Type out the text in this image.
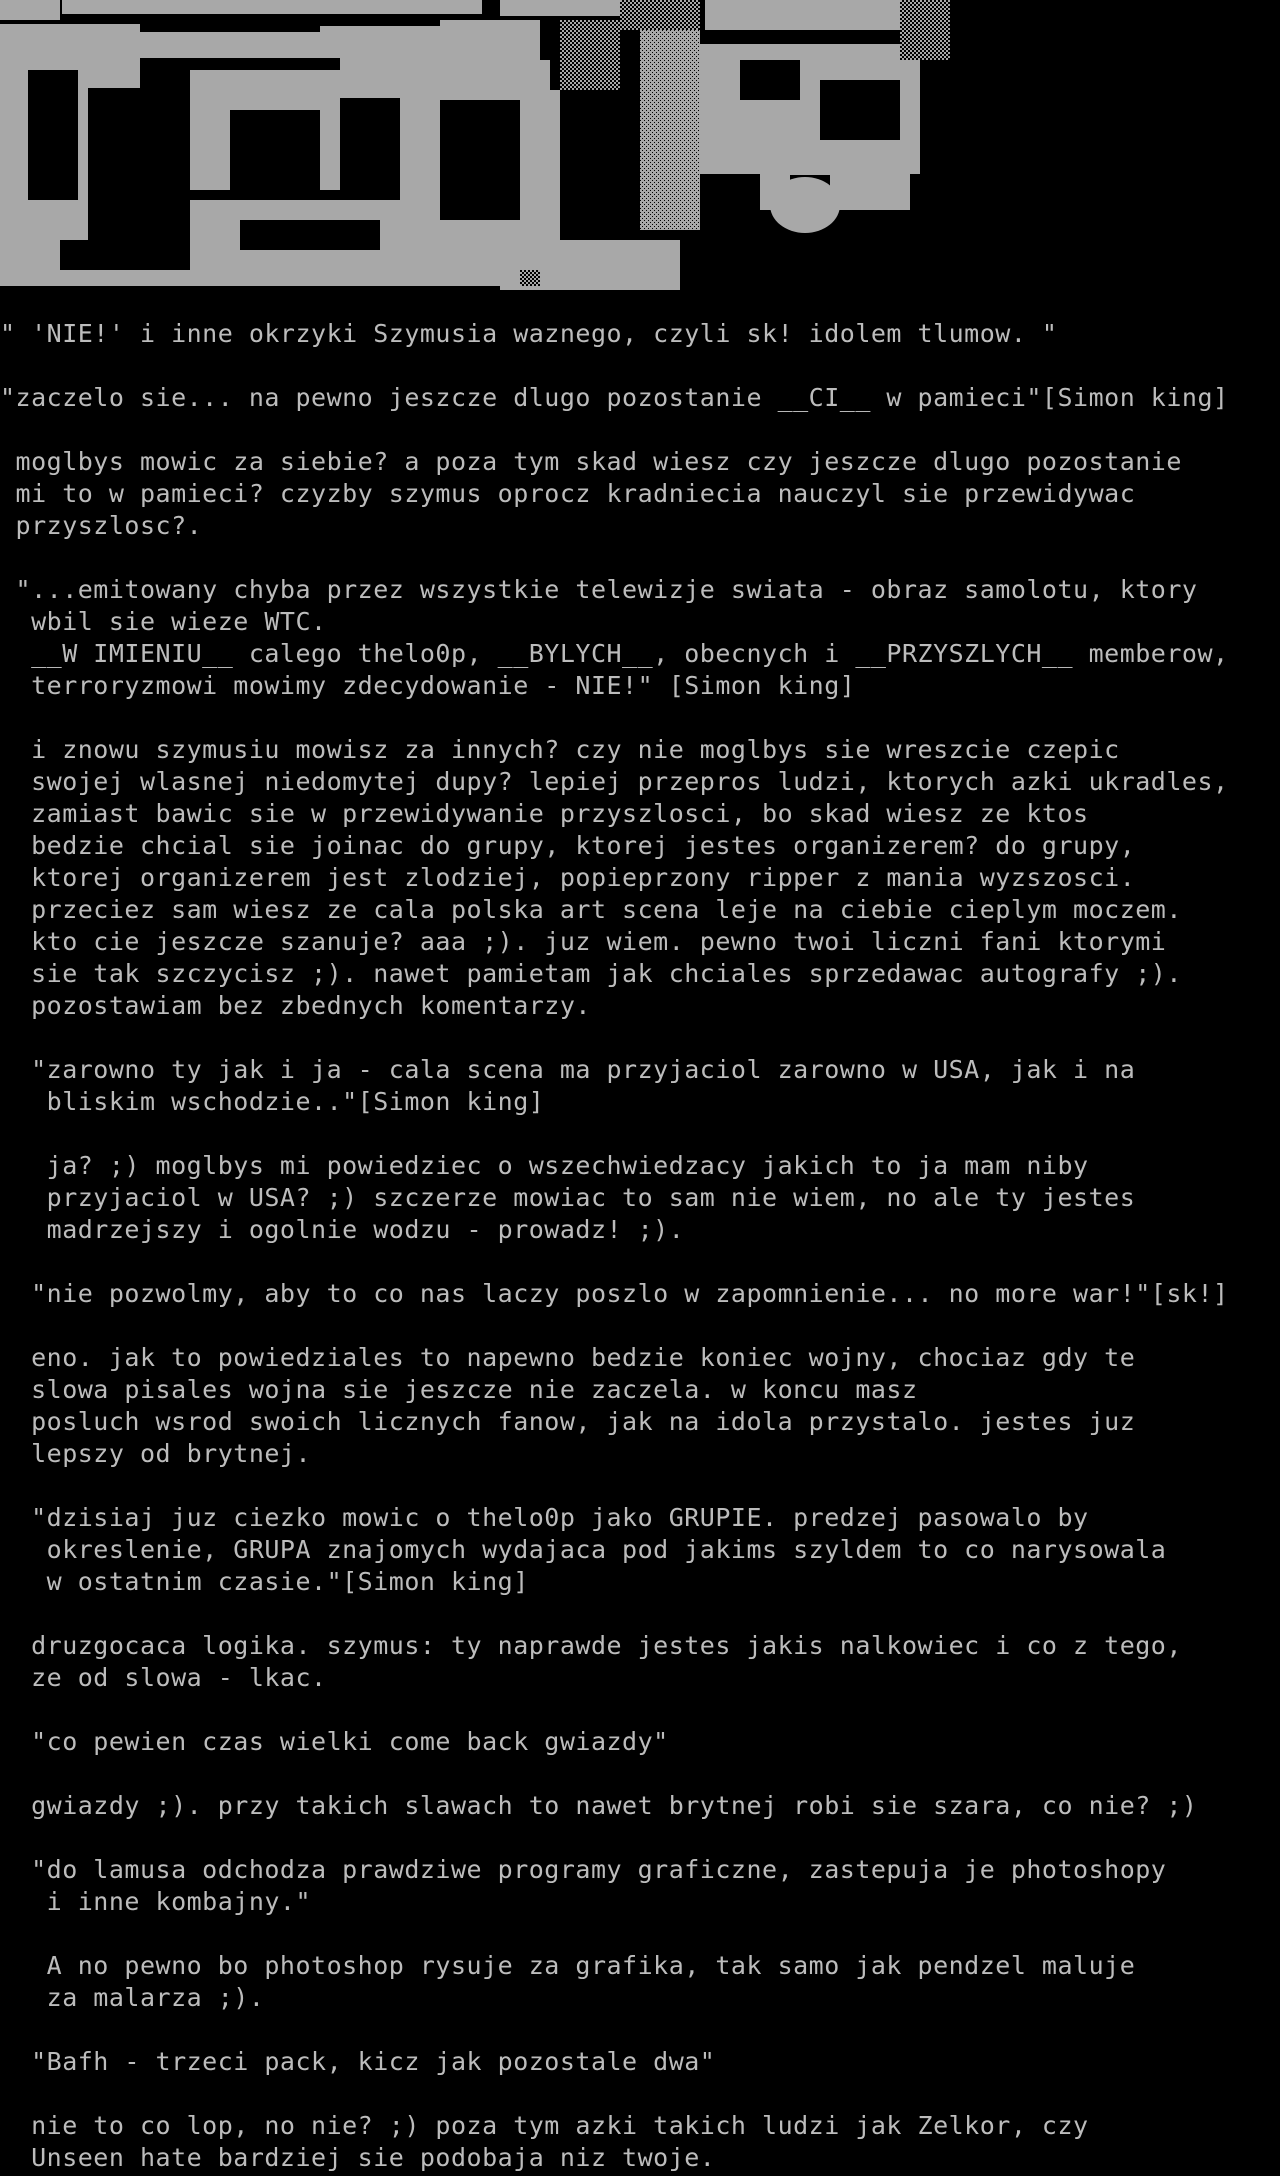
" 'NIE!' i inne okrzyki Szymusia waznego, czyli sk! idolem tlumow. "
"zaczelo sie... na pewno jeszcze dlugo pozostanie __CI__ w pamieci"[Simon king]
moglbys mowic za siebie? a poza tym skad wiesz czy jeszcze dlugo pozostanie
mi to w pamieci? czyzby szymus oprocz kradniecia nauczyl sie przewidywac
przyszlosc?.
"...emitowany chyba przez wszystkie telewizje swiata - obraz samolotu, ktory
wbil sie wieze WTC.
__W IMIENIU__ calego thelo0p, __BYLYCH__, obecnych i __PRZYSZLYCH__ memberow,
terroryzmowi mowimy zdecydowanie - NIE!" [Simon king]
i znowu szymusiu mowisz za innych? czy nie moglbys sie wreszcie czepic
swojej wlasnej niedomytej dupy? lepiej przepros ludzi, ktorych azki ukradles,
zamiast bawic sie w przewidywanie przyszlosci, bo skad wiesz ze ktos
bedzie chcial sie joinac do grupy, ktorej jestes organizerem? do grupy,
ktorej organizerem jest zlodziej, popieprzony ripper z mania wyzszosci.
przeciez sam wiesz ze cala polska art scena leje na ciebie cieplym moczem.
kto cie jeszcze szanuje? aaa ;). juz wiem. pewno twoi liczni fani ktorymi
sie tak szczycisz ;). nawet pamietam jak chciales sprzedawac autografy ;).
pozostawiam bez zbednych komentarzy.
"zarowno ty jak i ja - cala scena ma przyjaciol zarowno w USA, jak i na
bliskim wschodzie.."[Simon king]
ja? ;) moglbys mi powiedziec o wszechwiedzacy jakich to ja mam niby
przyjaciol w USA? ;) szczerze mowiac to sam nie wiem, no ale ty jestes
madrzejszy i ogolnie wodzu - prowadz! ;).
"nie pozwolmy, aby to co nas laczy poszlo w zapomnienie... no more war!"[sk!]
eno. jak to powiedziales to napewno bedzie koniec wojny, chociaz gdy te
slowa pisales wojna sie jeszcze nie zaczela. w koncu masz
posluch wsrod swoich licznych fanow, jak na idola przystalo. jestes juz
lepszy od brytnej.
"dzisiaj juz ciezko mowic o thelo0p jako GRUPIE. predzej pasowalo by
okreslenie, GRUPA znajomych wydajaca pod jakims szyldem to co narysowala
w ostatnim czasie."[Simon king]
druzgocaca logika. szymus: ty naprawde jestes jakis nalkowiec i co z tego,
ze od slowa - lkac.
"co pewien czas wielki come back gwiazdy"
gwiazdy ;). przy takich slawach to nawet brytnej robi sie szara, co nie? ;)
"do lamusa odchodza prawdziwe programy graficzne, zastepuja je photoshopy
i inne kombajny."
A no pewno bo photoshop rysuje za grafika, tak samo jak pendzel maluje
za malarza ;).
"Bafh - trzeci pack, kicz jak pozostale dwa"
nie to co lop, no nie? ;) poza tym azki takich ludzi jak Zelkor, czy
Unseen hate bardziej sie podobaja niz twoje.
